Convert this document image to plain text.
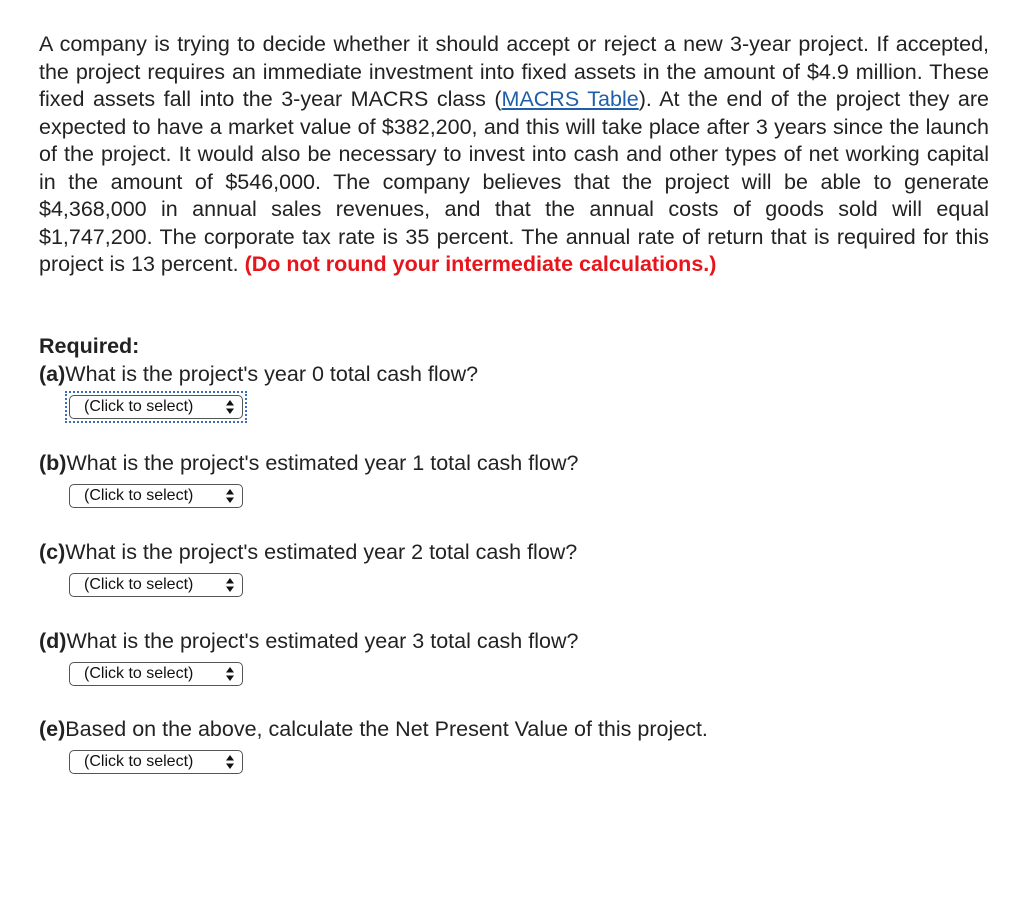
A company is trying to decide whether it should accept or reject a new 3-year project. If accepted, the project requires an immediate investment into fixed assets in the amount of $4.9 million. These fixed assets fall into the 3-year MACRS class (MACRS Table). At the end of the project they are expected to have a market value of $382,200, and this will take place after 3 years since the launch of the project. It would also be necessary to invest into cash and other types of net working capital in the amount of $546,000. The company believes that the project will be able to generate $4,368,000 in annual sales revenues, and that the annual costs of goods sold will equal $1,747,200. The corporate tax rate is 35 percent. The annual rate of return that is required for this project is 13 percent. (Do not round your intermediate calculations.)

Required:

(a)What is the project's year 0 total cash flow?

(Click to select)

(b)What is the project's estimated year 1 total cash flow?

(Click to select)

(c)What is the project's estimated year 2 total cash flow?

(Click to select)

(d)What is the project's estimated year 3 total cash flow?

(Click to select)

(e)Based on the above, calculate the Net Present Value of this project.

(Click to select)
